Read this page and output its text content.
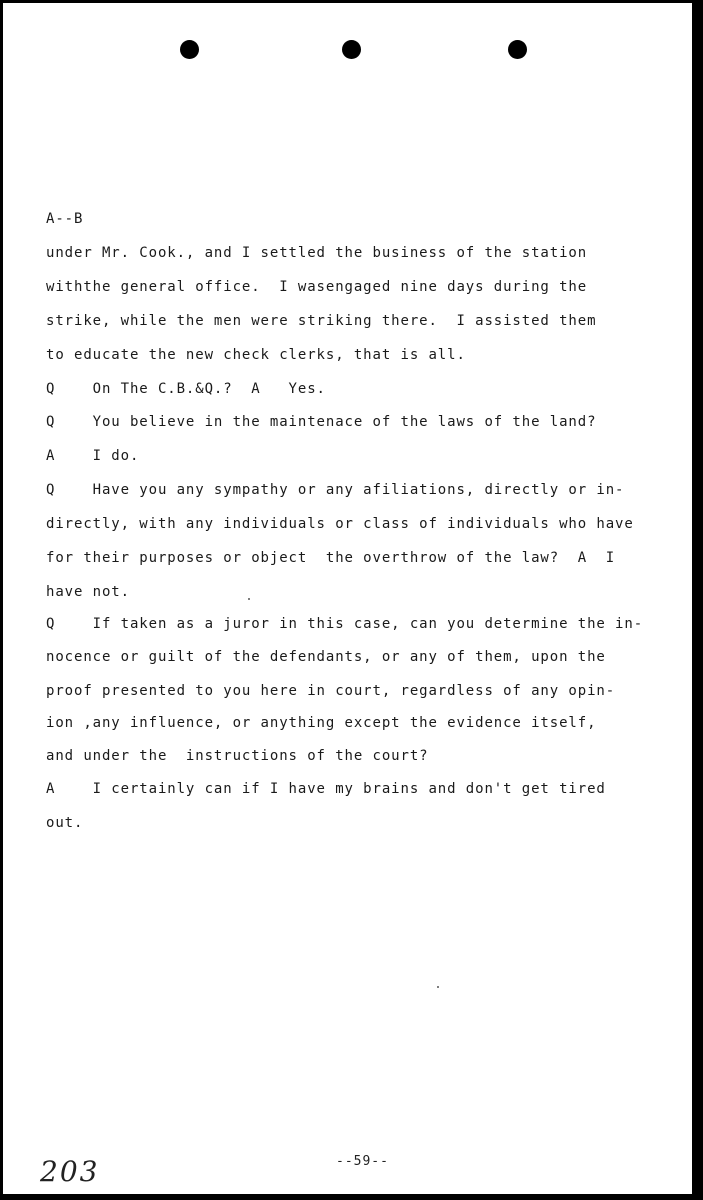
A--B
under Mr. Cook., and I settled the business of the station
withthe general office.  I wasengaged nine days during the
strike, while the men were striking there.  I assisted them
to educate the new check clerks, that is all.
Q    On The C.B.&Q.?  A   Yes.
Q    You believe in the maintenace of the laws of the land?
A    I do.
Q    Have you any sympathy or any afiliations, directly or in-
directly, with any individuals or class of individuals who have
for their purposes or object  the overthrow of the law?  A  I
have not.
Q    If taken as a juror in this case, can you determine the in-
nocence or guilt of the defendants, or any of them, upon the
proof presented to you here in court, regardless of any opin-
ion ,any influence, or anything except the evidence itself,
and under the  instructions of the court?
A    I certainly can if I have my brains and don't get tired
out.
--59--
203
